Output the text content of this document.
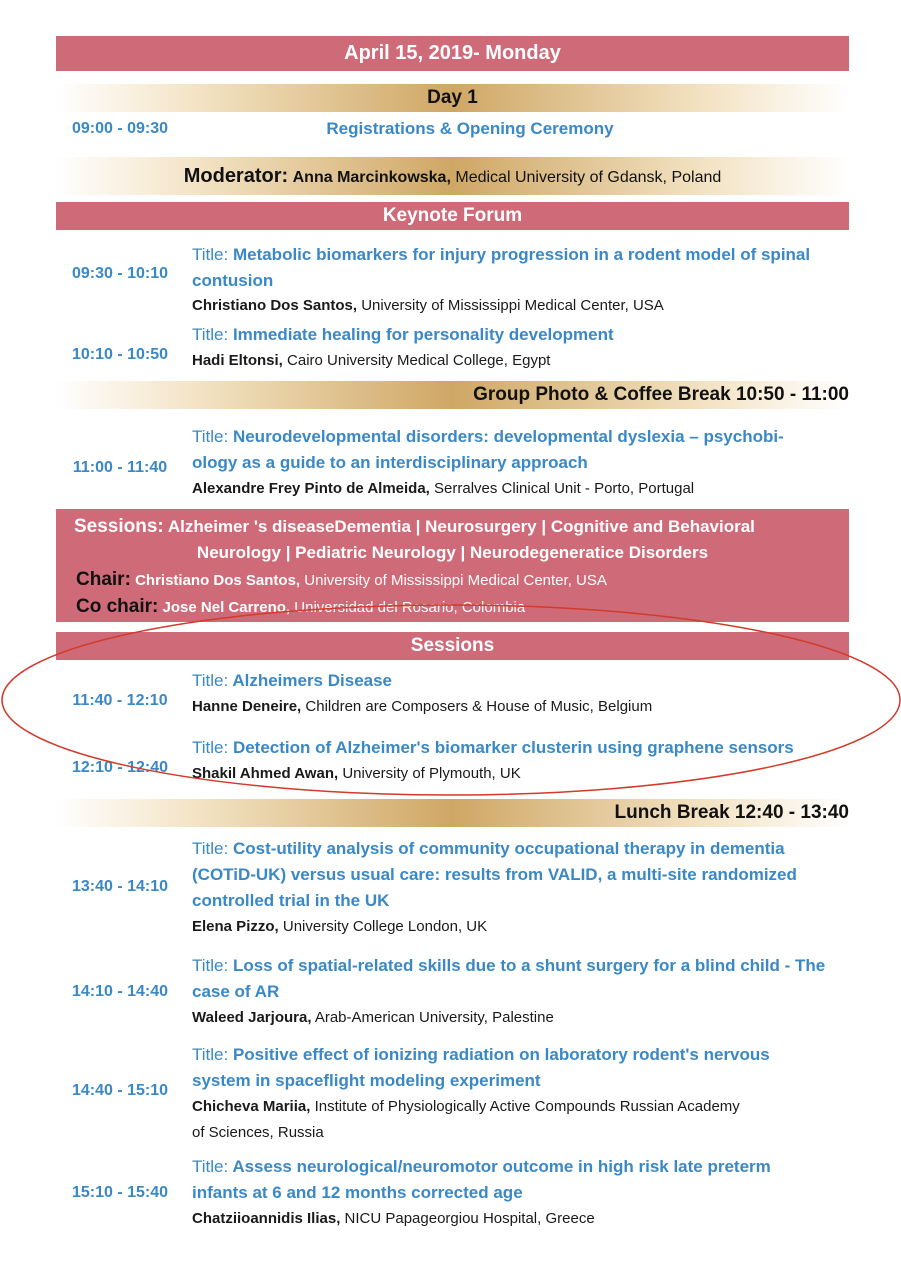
April 15, 2019- Monday
Day 1
09:00 - 09:30	Registrations & Opening Ceremony
Moderator: Anna Marcinkowska, Medical University of Gdansk, Poland
Keynote Forum
09:30 - 10:10
Title: Metabolic biomarkers for injury progression in a rodent model of spinal
contusion
Christiano Dos Santos, University of Mississippi Medical Center, USA
10:10 - 10:50
Title: Immediate healing for personality development
Hadi Eltonsi, Cairo University Medical College, Egypt
Group Photo & Coffee Break 10:50 - 11:00
11:00 - 11:40
Title: Neurodevelopmental disorders: developmental dyslexia – psychobi-
ology as a guide to an interdisciplinary approach
Alexandre Frey Pinto de Almeida, Serralves Clinical Unit - Porto, Portugal
Sessions: Alzheimer 's diseaseDementia | Neurosurgery | Cognitive and Behavioral
Neurology | Pediatric Neurology | Neurodegeneratice Disorders
Chair: Christiano Dos Santos, University of Mississippi Medical Center, USA
Co chair: Jose Nel Carreno, Universidad del Rosario, Colombia
Sessions
11:40 - 12:10
Title: Alzheimers Disease
Hanne Deneire, Children are Composers & House of Music, Belgium
12:10 - 12:40
Title: Detection of Alzheimer's biomarker clusterin using graphene sensors
Shakil Ahmed Awan, University of Plymouth, UK
Lunch Break 12:40 - 13:40
13:40 - 14:10
Title: Cost-utility analysis of community occupational therapy in dementia
(COTiD-UK) versus usual care: results from VALID, a multi-site randomized
controlled trial in the UK
Elena Pizzo, University College London, UK
14:10 - 14:40
Title: Loss of spatial-related skills due to a shunt surgery for a blind child - The
case of AR
Waleed Jarjoura, Arab-American University, Palestine
14:40 - 15:10
Title: Positive effect of ionizing radiation on laboratory rodent's nervous
system in spaceflight modeling experiment
Chicheva Mariia, Institute of Physiologically Active Compounds Russian Academy
of Sciences, Russia
15:10 - 15:40
Title: Assess neurological/neuromotor outcome in high risk late preterm
infants at 6 and 12 months corrected age
Chatziioannidis Ilias, NICU Papageorgiou Hospital, Greece
